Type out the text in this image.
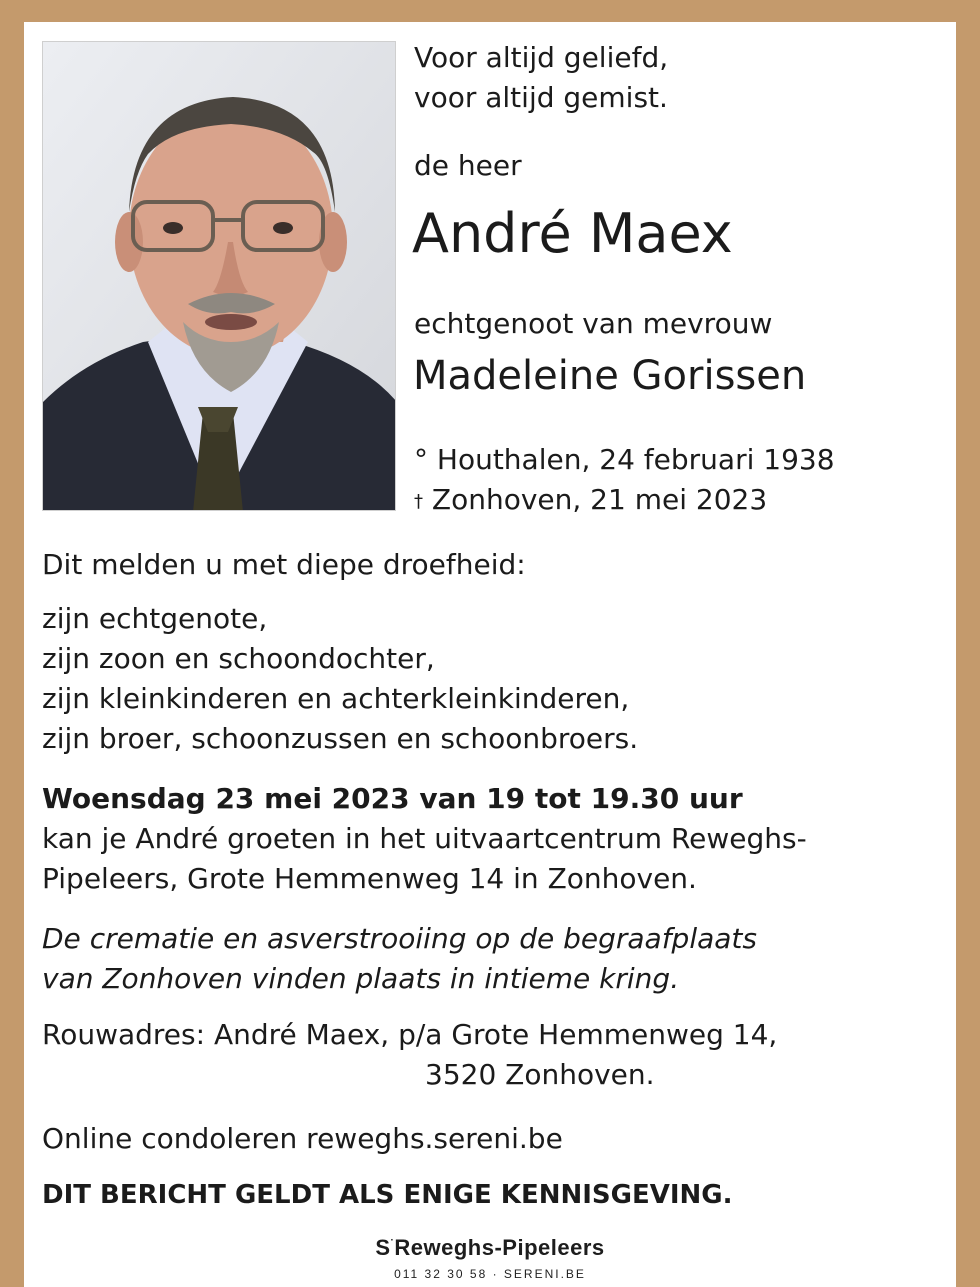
Voor altijd geliefd,
voor altijd gemist.
de heer
André Maex
echtgenoot van mevrouw
Madeleine Gorissen
° Houthalen, 24 februari 1938
† Zonhoven, 21 mei 2023
Dit melden u met diepe droefheid:
zijn echtgenote,
zijn zoon en schoondochter,
zijn kleinkinderen en achterkleinkinderen,
zijn broer, schoonzussen en schoonbroers.
Woensdag 23 mei 2023 van 19 tot 19.30 uur
kan je André groeten in het uitvaartcentrum Reweghs-
Pipeleers, Grote Hemmenweg 14 in Zonhoven.
De crematie en asverstrooiing op de begraafplaats
van Zonhoven vinden plaats in intieme kring.
Rouwadres: André Maex, p/a Grote Hemmenweg 14,
3520 Zonhoven.
Online condoleren reweghs.sereni.be
DIT BERICHT GELDT ALS ENIGE KENNISGEVING.
S·Reweghs-Pipeleers
011 32 30 58 · SERENI.BE
